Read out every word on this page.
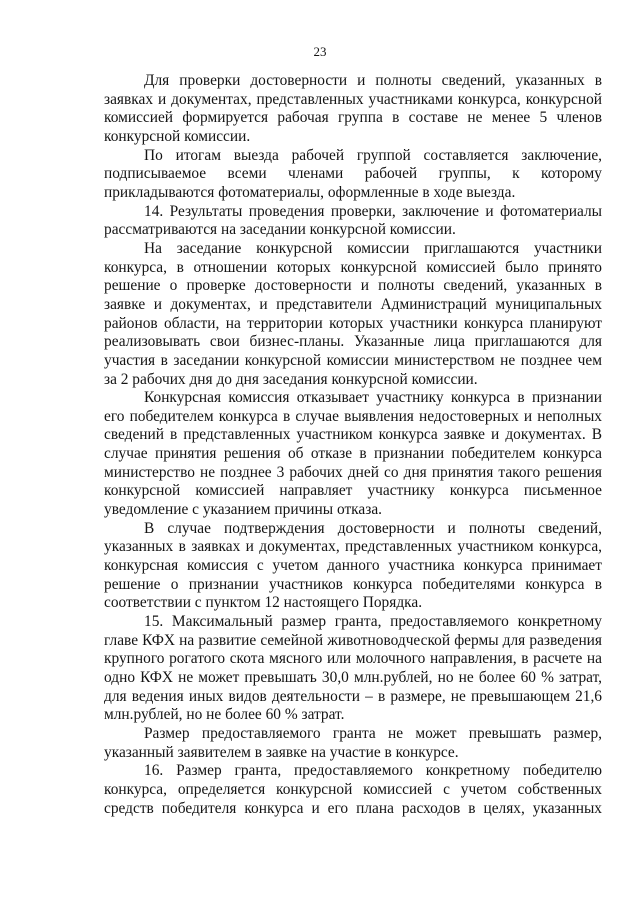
23

Для проверки достоверности и полноты сведений, указанных в заявках и документах, представленных участниками конкурса, конкурсной комиссией формируется рабочая группа в составе не менее 5 членов конкурсной комиссии.

По итогам выезда рабочей группой составляется заключение, подписываемое всеми членами рабочей группы, к которому прикладываются фотоматериалы, оформленные в ходе выезда.

14. Результаты проведения проверки, заключение и фотоматериалы рассматриваются на заседании конкурсной комиссии.

На заседание конкурсной комиссии приглашаются участники конкурса, в отношении которых конкурсной комиссией было принято решение о проверке достоверности и полноты сведений, указанных в заявке и документах, и представители Администраций муниципальных районов области, на территории которых участники конкурса планируют реализовывать свои бизнес-планы. Указанные лица приглашаются для участия в заседании конкурсной комиссии министерством не позднее чем за 2 рабочих дня до дня заседания конкурсной комиссии.

Конкурсная комиссия отказывает участнику конкурса в признании его победителем конкурса в случае выявления недостоверных и неполных сведений в представленных участником конкурса заявке и документах. В случае принятия решения об отказе в признании победителем конкурса министерство не позднее 3 рабочих дней со дня принятия такого решения конкурсной комиссией направляет участнику конкурса письменное уведомление с указанием причины отказа.

В случае подтверждения достоверности и полноты сведений, указанных в заявках и документах, представленных участником конкурса, конкурсная комиссия с учетом данного участника конкурса принимает решение о признании участников конкурса победителями конкурса в соответствии с пунктом 12 настоящего Порядка.

15. Максимальный размер гранта, предоставляемого конкретному главе КФХ на развитие семейной животноводческой фермы для разведения крупного рогатого скота мясного или молочного направления, в расчете на одно КФХ не может превышать 30,0 млн.рублей, но не более 60 % затрат, для ведения иных видов деятельности – в размере, не превышающем 21,6 млн.рублей, но не более 60 % затрат.

Размер предоставляемого гранта не может превышать размер, указанный заявителем в заявке на участие в конкурсе.

16. Размер гранта, предоставляемого конкретному победителю конкурса, определяется конкурсной комиссией с учетом собственных средств победителя конкурса и его плана расходов в целях, указанных
